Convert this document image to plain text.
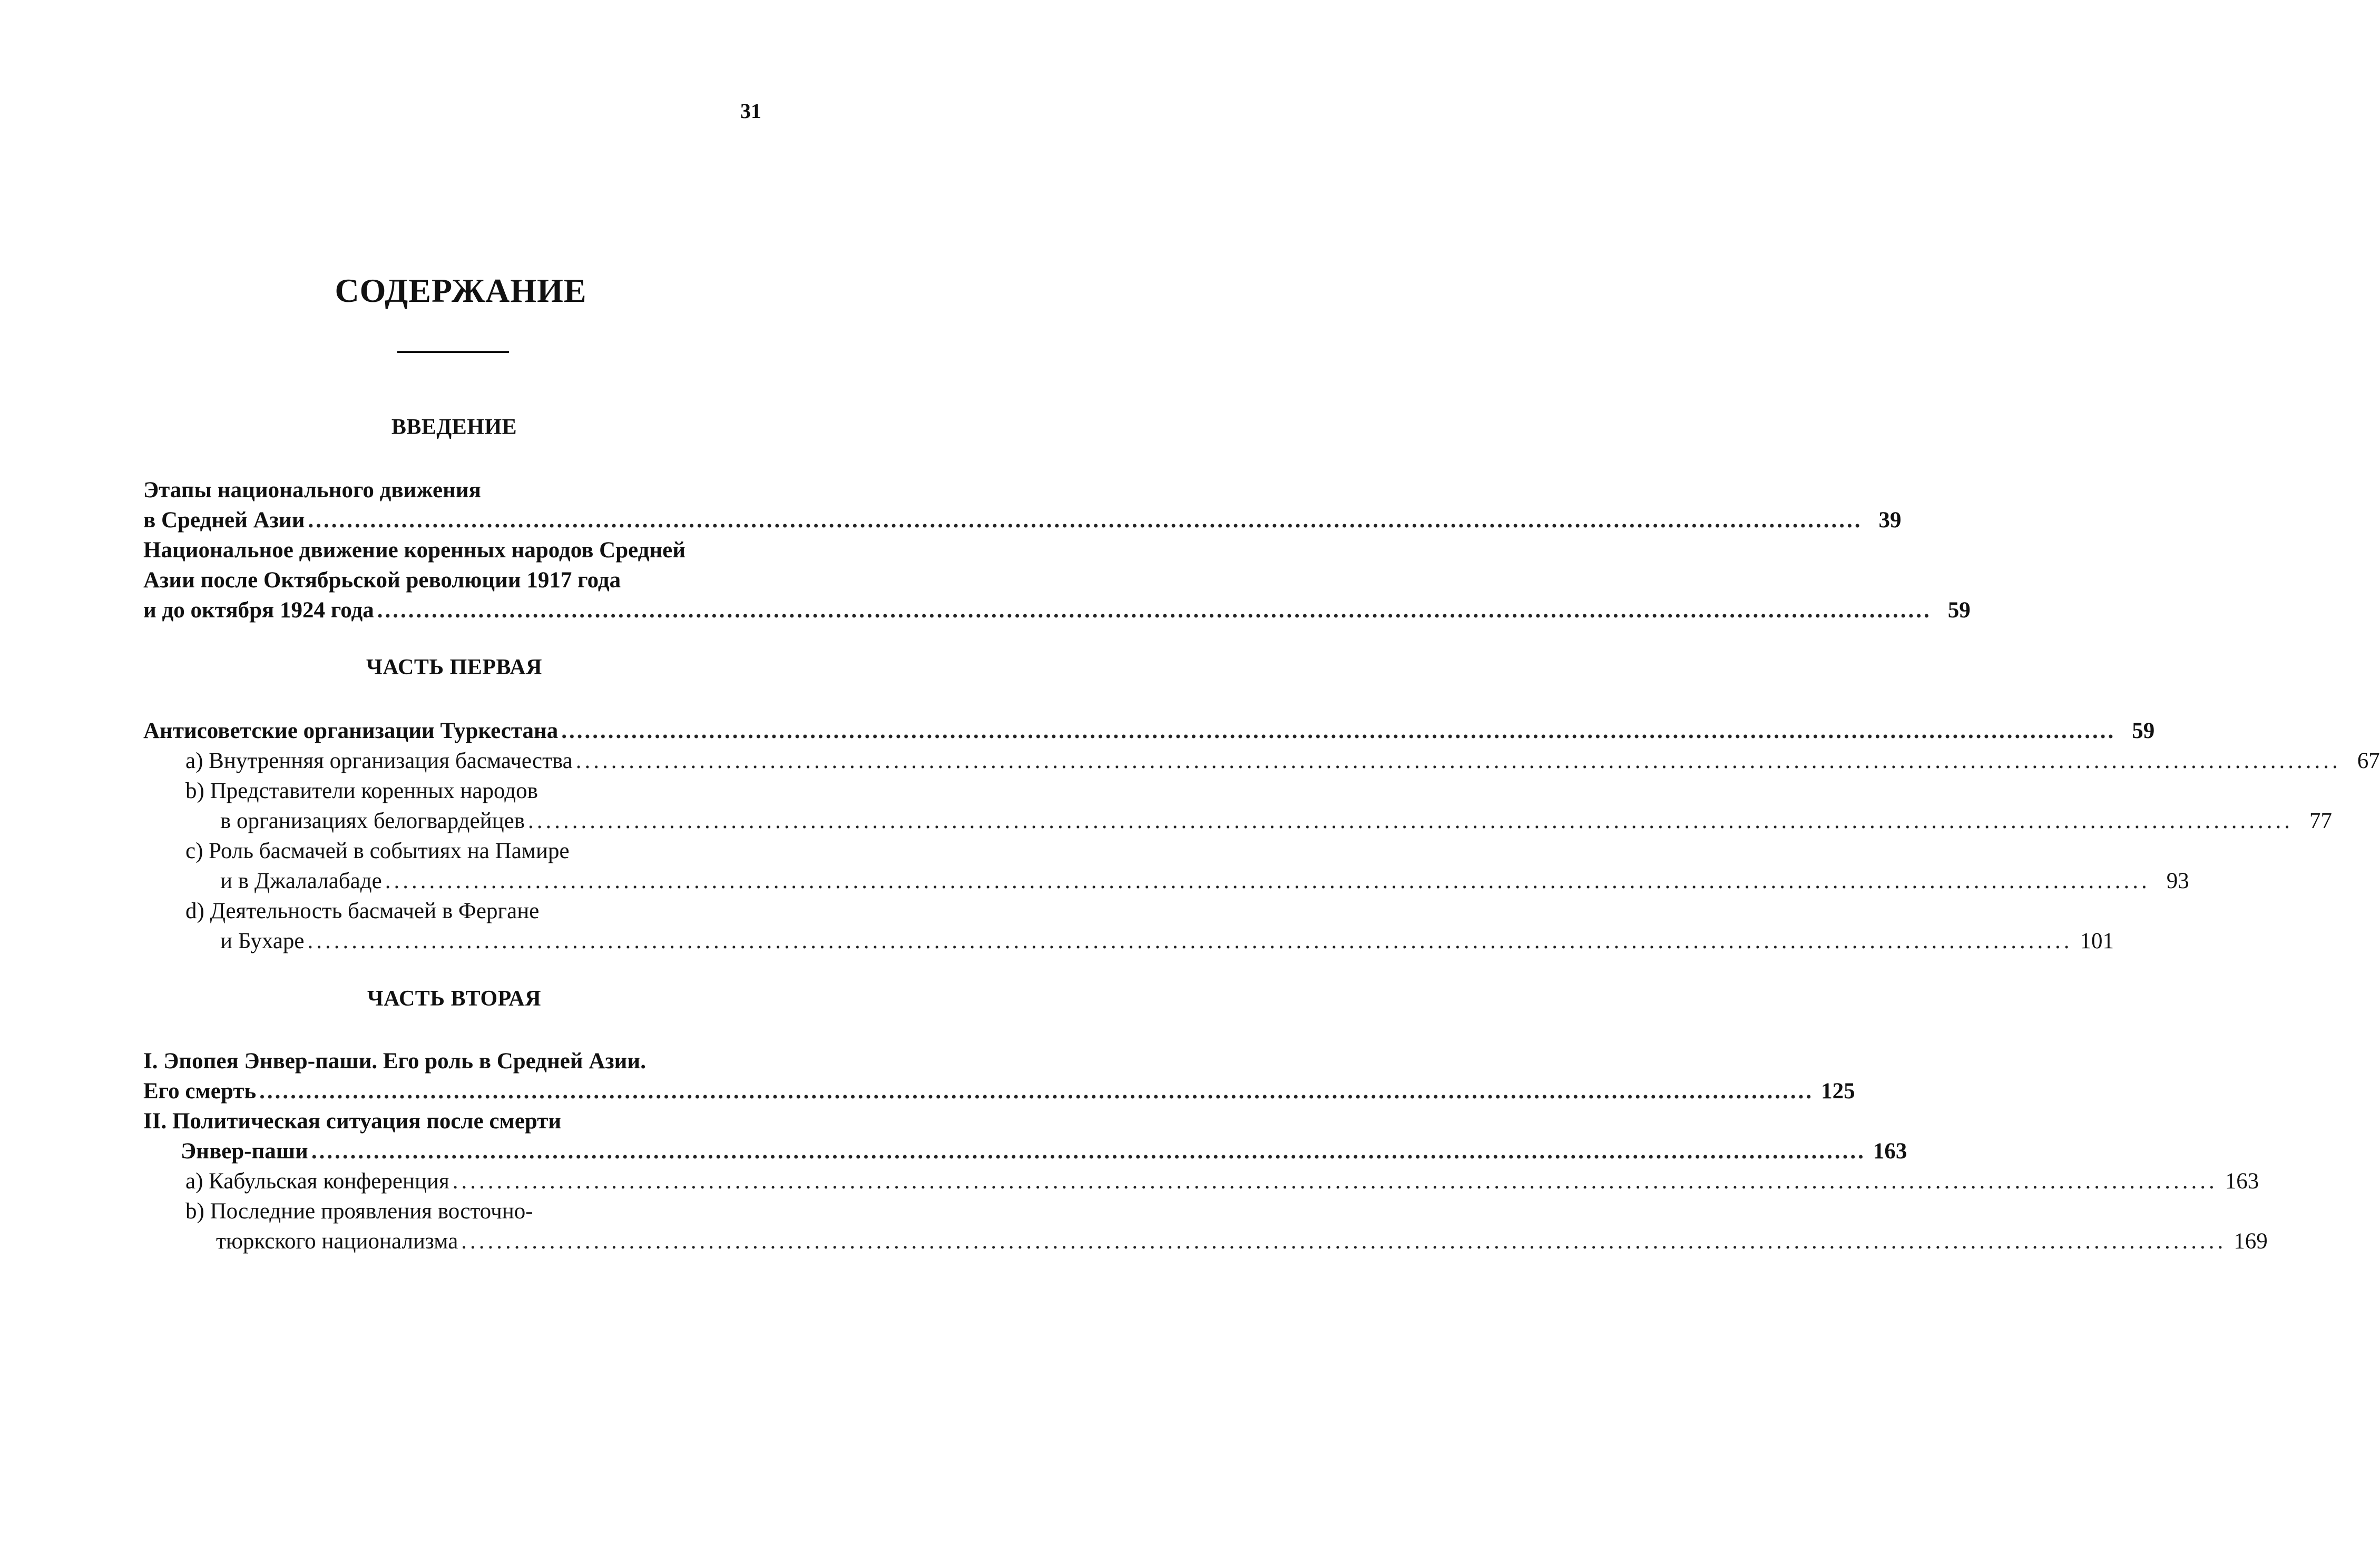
31
СОДЕРЖАНИЕ
ВВЕДЕНИЕ
Этапы национального движения
в Средней Азии ........................................................................................................................................................................................................ 39
Национальное движение коренных народов Средней
Азии после Октябрьской революции 1917 года
и до октября 1924 года ........................................................................................................................................................................................................ 59
ЧАСТЬ ПЕРВАЯ
Антисоветские организации Туркестана ........................................................................................................................................................................................................ 59
a) Внутренняя организация басмачества ........................................................................................................................................................................................................ 67
b) Представители коренных народов
в организациях белогвардейцев ........................................................................................................................................................................................................ 77
c) Роль басмачей в событиях на Памире
и в Джалалабаде ........................................................................................................................................................................................................ 93
d) Деятельность басмачей в Фергане
и Бухаре ........................................................................................................................................................................................................ 101
ЧАСТЬ ВТОРАЯ
I. Эпопея Энвер-паши. Его роль в Средней Азии.
Его смерть ........................................................................................................................................................................................................ 125
II. Политическая ситуация после смерти
Энвер-паши ........................................................................................................................................................................................................ 163
a) Кабульская конференция ........................................................................................................................................................................................................ 163
b) Последние проявления восточно-
тюркского национализма ........................................................................................................................................................................................................ 169
